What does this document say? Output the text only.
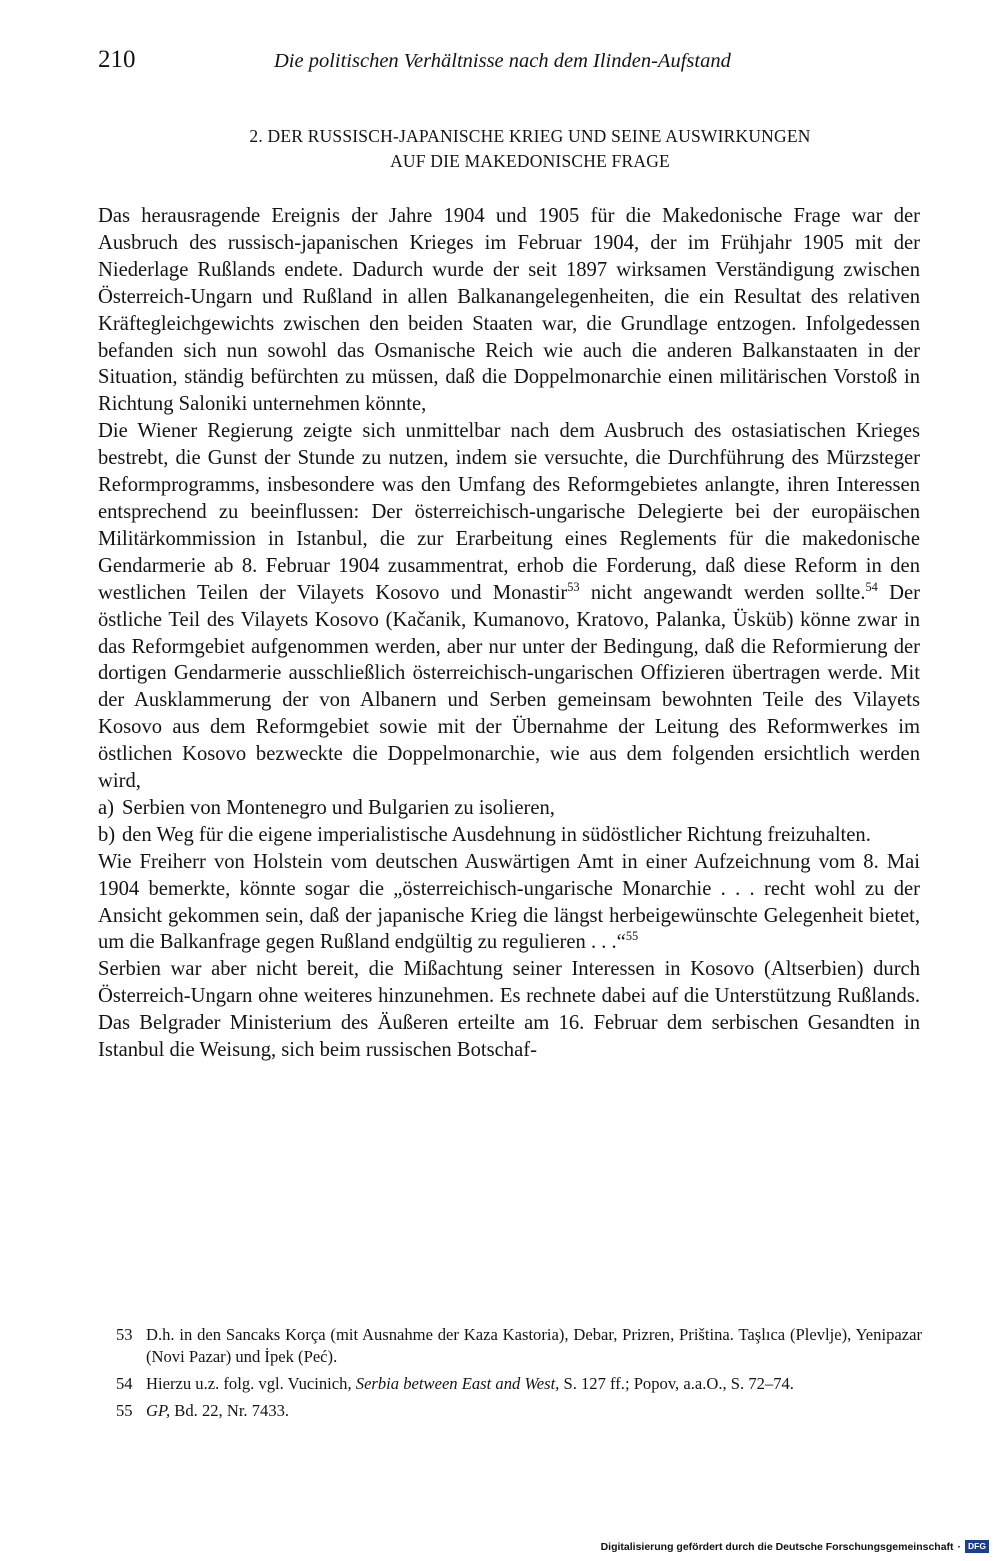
210	Die politischen Verhältnisse nach dem Ilinden-Aufstand
2. DER RUSSISCH-JAPANISCHE KRIEG UND SEINE AUSWIRKUNGEN
AUF DIE MAKEDONISCHE FRAGE

Das herausragende Ereignis der Jahre 1904 und 1905 für die Makedonische Frage war der Ausbruch des russisch-japanischen Krieges im Februar 1904, der im Frühjahr 1905 mit der Niederlage Rußlands endete. Dadurch wurde der seit 1897 wirksamen Verständigung zwischen Österreich-Ungarn und Rußland in allen Balkanangelegenheiten, die ein Resultat des relativen Kräftegleichgewichts zwischen den beiden Staaten war, die Grundlage entzogen. Infolgedessen befanden sich nun sowohl das Osmanische Reich wie auch die anderen Balkanstaaten in der Situation, ständig befürchten zu müssen, daß die Doppelmonarchie einen militärischen Vorstoß in Richtung Saloniki unternehmen könnte,

Die Wiener Regierung zeigte sich unmittelbar nach dem Ausbruch des ostasiatischen Krieges bestrebt, die Gunst der Stunde zu nutzen, indem sie versuchte, die Durchführung des Mürzsteger Reformprogramms, insbesondere was den Umfang des Reformgebietes anlangte, ihren Interessen entsprechend zu beeinflussen: Der österreichisch-ungarische Delegierte bei der europäischen Militärkommission in Istanbul, die zur Erarbeitung eines Reglements für die makedonische Gendarmerie ab 8. Februar 1904 zusammentrat, erhob die Forderung, daß diese Reform in den westlichen Teilen der Vilayets Kosovo und Monastir$^{53}$ nicht angewandt werden sollte.$^{54}$ Der östliche Teil des Vilayets Kosovo (Kačanik, Kumanovo, Kratovo, Palanka, Üsküb) könne zwar in das Reformgebiet aufgenommen werden, aber nur unter der Bedingung, daß die Reformierung der dortigen Gendarmerie ausschließlich österreichisch-ungarischen Offizieren übertragen werde. Mit der Ausklammerung der von Albanern und Serben gemeinsam bewohnten Teile des Vilayets Kosovo aus dem Reformgebiet sowie mit der Übernahme der Leitung des Reformwerkes im östlichen Kosovo bezweckte die Doppelmonarchie, wie aus dem folgenden ersichtlich werden wird,

a) Serbien von Montenegro und Bulgarien zu isolieren,
b) den Weg für die eigene imperialistische Ausdehnung in südöstlicher Richtung freizuhalten.

Wie Freiherr von Holstein vom deutschen Auswärtigen Amt in einer Aufzeichnung vom 8. Mai 1904 bemerkte, könnte sogar die „österreichisch-ungarische Monarchie . . . recht wohl zu der Ansicht gekommen sein, daß der japanische Krieg die längst herbeigewünschte Gelegenheit bietet, um die Balkanfrage gegen Rußland endgültig zu regulieren . . .“$^{55}$

Serbien war aber nicht bereit, die Mißachtung seiner Interessen in Kosovo (Altserbien) durch Österreich-Ungarn ohne weiteres hinzunehmen. Es rechnete dabei auf die Unterstützung Rußlands. Das Belgrader Ministerium des Äußeren erteilte am 16. Februar dem serbischen Gesandten in Istanbul die Weisung, sich beim russischen Botschaf-

53 D.h. in den Sancaks Korça (mit Ausnahme der Kaza Kastoria), Debar, Prizren, Priština. Taşlıca (Plevlje), Yenipazar (Novi Pazar) und İpek (Peć).
54 Hierzu u.z. folg. vgl. Vucinich, Serbia between East and West, S. 127 ff.; Popov, a.a.O., S. 72–74.
55 GP, Bd. 22, Nr. 7433.
Digitalisierung gefördert durch die Deutsche Forschungsgemeinschaft · DFG
